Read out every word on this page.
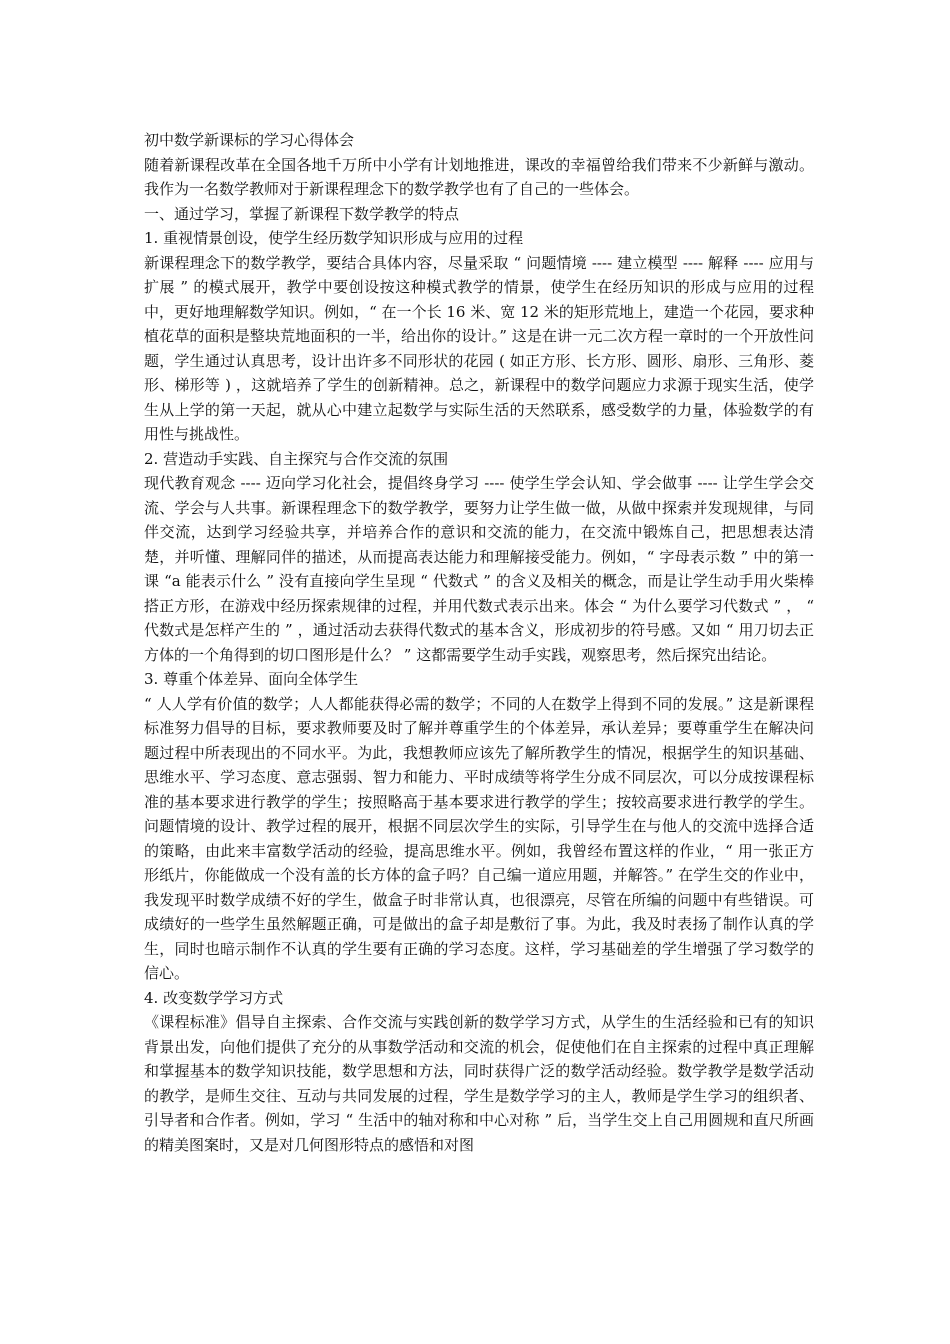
初中数学新课标的学习心得体会

随着新课程改革在全国各地千万所中小学有计划地推进，课改的幸福曾给我们带来不少新鲜与激动。我作为一名数学教师对于新课程理念下的数学教学也有了自己的一些体会。

一、通过学习，掌握了新课程下数学教学的特点

1. 重视情景创设，使学生经历数学知识形成与应用的过程

新课程理念下的数学教学，要结合具体内容，尽量采取 “ 问题情境 ---- 建立模型 ---- 解释 ---- 应用与扩展 ” 的模式展开，教学中要创设按这种模式教学的情景，使学生在经历知识的形成与应用的过程中，更好地理解数学知识。例如，“ 在一个长 16 米、宽 12 米的矩形荒地上，建造一个花园，要求种植花草的面积是整块荒地面积的一半，给出你的设计。” 这是在讲一元二次方程一章时的一个开放性问题，学生通过认真思考，设计出许多不同形状的花园 ( 如正方形、长方形、圆形、扇形、三角形、菱形、梯形等 ) ，这就培养了学生的创新精神。总之，新课程中的数学问题应力求源于现实生活，使学生从上学的第一天起，就从心中建立起数学与实际生活的天然联系，感受数学的力量，体验数学的有用性与挑战性。

2. 营造动手实践、自主探究与合作交流的氛围

现代教育观念 ---- 迈向学习化社会，提倡终身学习 ---- 使学生学会认知、学会做事 ---- 让学生学会交流、学会与人共事。新课程理念下的数学教学，要努力让学生做一做，从做中探索并发现规律，与同伴交流，达到学习经验共享，并培养合作的意识和交流的能力，在交流中锻炼自己，把思想表达清楚，并听懂、理解同伴的描述，从而提高表达能力和理解接受能力。例如，“ 字母表示数 ” 中的第一课 “a 能表示什么 ” 没有直接向学生呈现 “ 代数式 ” 的含义及相关的概念，而是让学生动手用火柴棒搭正方形，在游戏中经历探索规律的过程，并用代数式表示出来。体会 “ 为什么要学习代数式 ” ， “ 代数式是怎样产生的 ” ，通过活动去获得代数式的基本含义，形成初步的符号感。又如 “ 用刀切去正方体的一个角得到的切口图形是什么？ ” 这都需要学生动手实践，观察思考，然后探究出结论。

3. 尊重个体差异、面向全体学生

“ 人人学有价值的数学；人人都能获得必需的数学；不同的人在数学上得到不同的发展。” 这是新课程标准努力倡导的目标，要求教师要及时了解并尊重学生的个体差异，承认差异；要尊重学生在解决问题过程中所表现出的不同水平。为此，我想教师应该先了解所教学生的情况，根据学生的知识基础、思维水平、学习态度、意志强弱、智力和能力、平时成绩等将学生分成不同层次，可以分成按课程标准的基本要求进行教学的学生；按照略高于基本要求进行教学的学生；按较高要求进行教学的学生。问题情境的设计、教学过程的展开，根据不同层次学生的实际，引导学生在与他人的交流中选择合适的策略，由此来丰富数学活动的经验，提高思维水平。例如，我曾经布置这样的作业，“ 用一张正方形纸片，你能做成一个没有盖的长方体的盒子吗？自己编一道应用题，并解答。” 在学生交的作业中，我发现平时数学成绩不好的学生，做盒子时非常认真，也很漂亮，尽管在所编的问题中有些错误。可成绩好的一些学生虽然解题正确，可是做出的盒子却是敷衍了事。为此，我及时表扬了制作认真的学生，同时也暗示制作不认真的学生要有正确的学习态度。这样，学习基础差的学生增强了学习数学的信心。

4. 改变数学学习方式

《课程标准》倡导自主探索、合作交流与实践创新的数学学习方式，从学生的生活经验和已有的知识背景出发，向他们提供了充分的从事数学活动和交流的机会，促使他们在自主探索的过程中真正理解和掌握基本的数学知识技能，数学思想和方法，同时获得广泛的数学活动经验。数学教学是数学活动的教学，是师生交往、互动与共同发展的过程，学生是数学学习的主人，教师是学生学习的组织者、引导者和合作者。例如，学习 “ 生活中的轴对称和中心对称 ” 后，当学生交上自己用圆规和直尺所画的精美图案时，又是对几何图形特点的感悟和对图
